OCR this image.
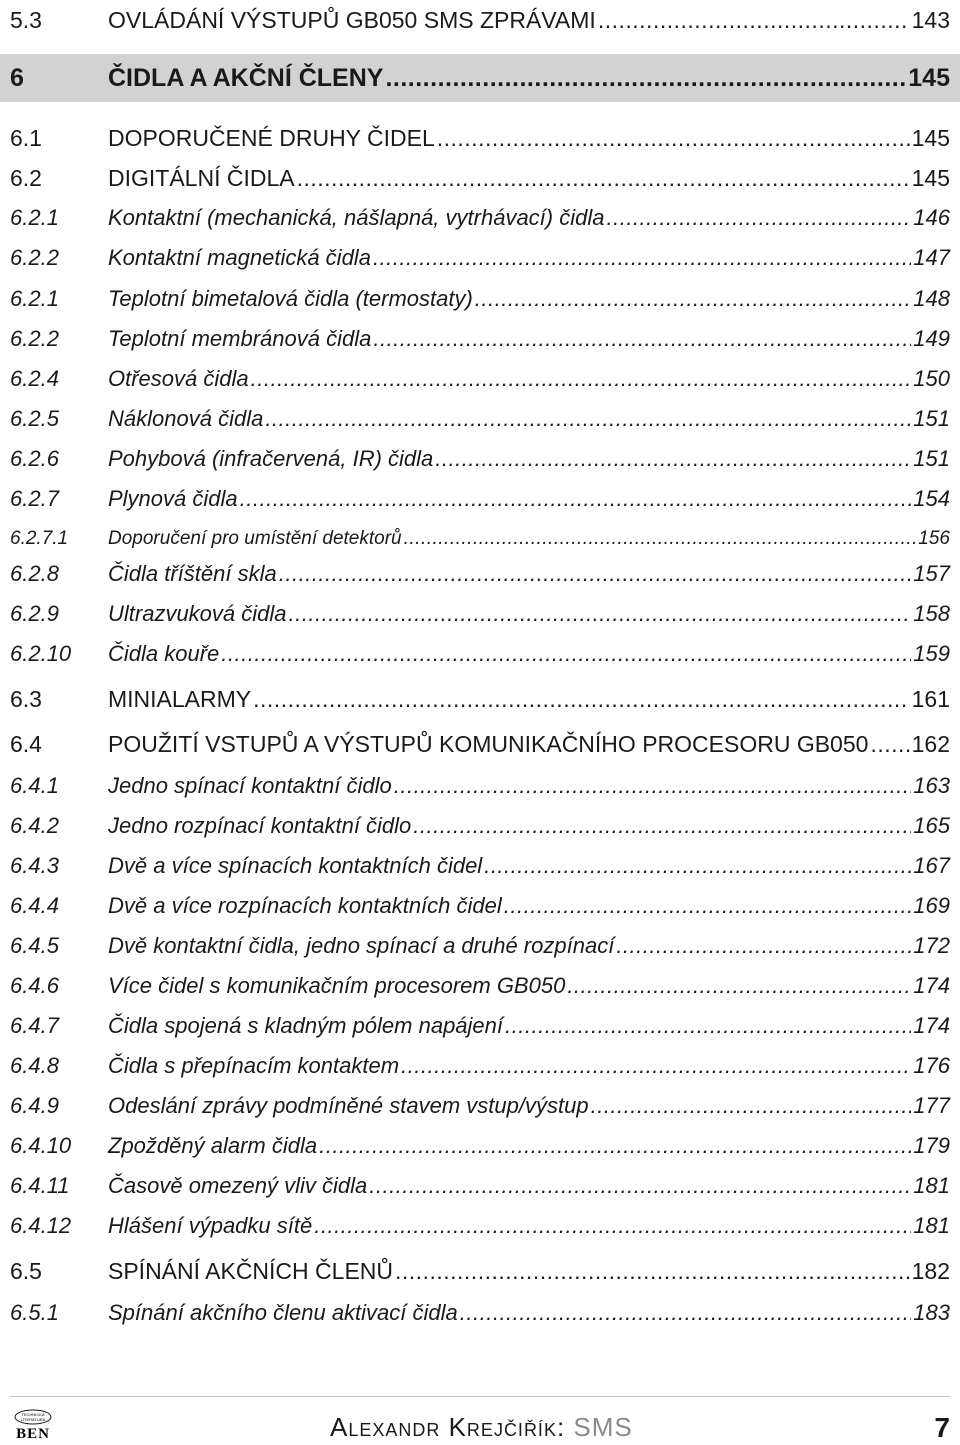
5.3	OVLÁDÁNÍ VÝSTUPŮ GB050 SMS ZPRÁVAMI .....	143
6	ČIDLA A AKČNÍ ČLENY .....	145
6.1	DOPORUČENÉ DRUHY ČIDEL .....	145
6.2	DIGITÁLNÍ ČIDLA .....	145
6.2.1 Kontaktní (mechanická, nášlapná, vytrhávací) čidla .....	146
6.2.2 Kontaktní magnetická čidla .....	147
6.2.1 Teplotní bimetalová čidla (termostaty) .....	148
6.2.2 Teplotní membránová čidla .....	149
6.2.4 Otřesová čidla .....	150
6.2.5 Náklonová čidla .....	151
6.2.6 Pohybová (infračervená, IR) čidla .....	151
6.2.7 Plynová čidla .....	154
6.2.7.1 Doporučení pro umístění detektorů .....	156
6.2.8 Čidla tříštění skla .....	157
6.2.9 Ultrazvuková čidla .....	158
6.2.10 Čidla kouře .....	159
6.3	MINIALARMY .....	161
6.4	POUŽITÍ VSTUPŮ A VÝSTUPŮ KOMUNIKAČNÍHO PROCESORU GB050 ..... 162
6.4.1 Jedno spínací kontaktní čidlo .....	163
6.4.2 Jedno rozpínací kontaktní čidlo .....	165
6.4.3 Dvě a více spínacích kontaktních čidel .....	167
6.4.4 Dvě a více rozpínacích kontaktních čidel .....	169
6.4.5 Dvě kontaktní čidla, jedno spínací a druhé rozpínací .....	172
6.4.6 Více čidel s komunikačním procesorem GB050 .....	174
6.4.7 Čidla spojená s kladným pólem napájení .....	174
6.4.8 Čidla s přepínacím kontaktem .....	176
6.4.9 Odeslání zprávy podmíněné stavem vstup/výstup .....	177
6.4.10 Zpožděný alarm čidla .....	179
6.4.11 Časově omezený vliv čidla .....	181
6.4.12 Hlášení výpadku sítě .....	181
6.5	SPÍNÁNÍ AKČNÍCH ČLENŮ .....	182
6.5.1 Spínání akčního členu aktivací čidla .....	183
TECHNICKÁ
LITERATURA
BEN	Alexandr Krejčiřík: SMS	7
